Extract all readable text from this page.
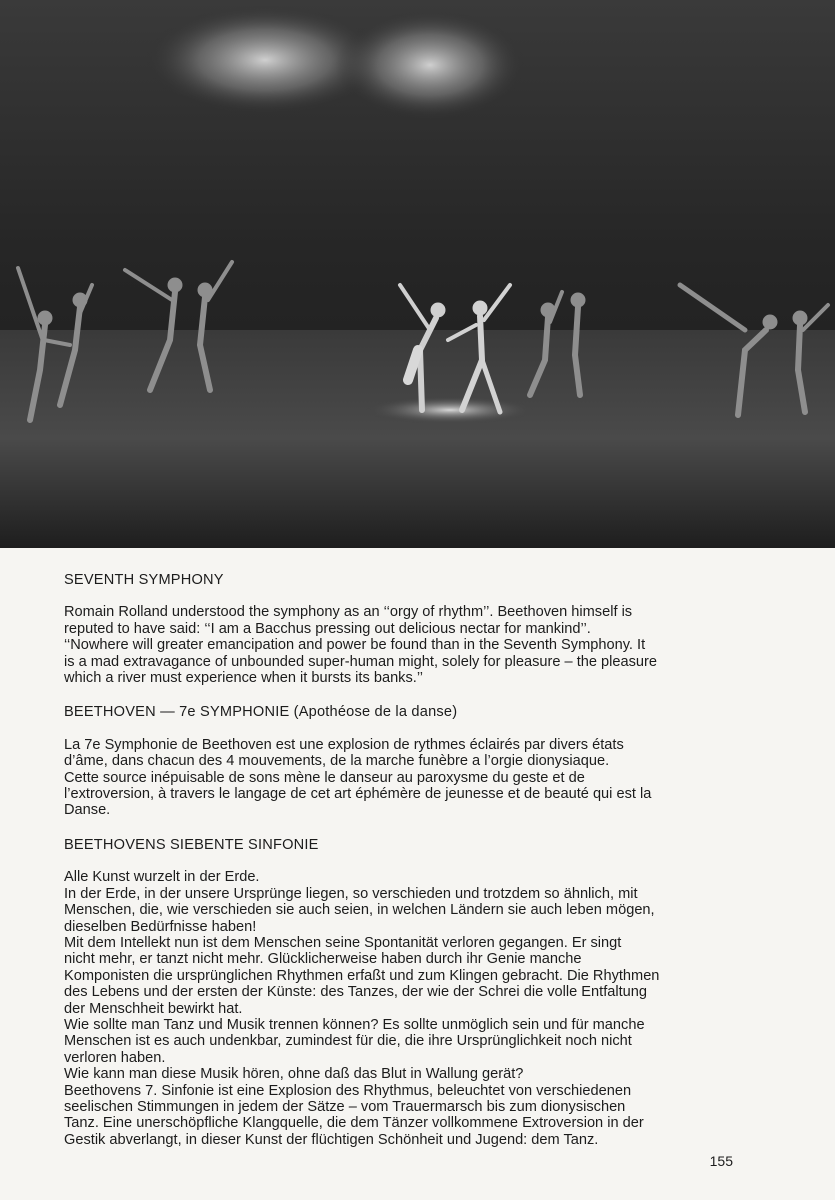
SEVENTH SYMPHONY

Romain Rolland understood the symphony as an ‘‘orgy of rhythm’’. Beethoven himself is
reputed to have said: ‘‘I am a Bacchus pressing out delicious nectar for mankind’’.
‘‘Nowhere will greater emancipation and power be found than in the Seventh Symphony. It
is a mad extravagance of unbounded super-human might, solely for pleasure – the pleasure
which a river must experience when it bursts its banks.’’

BEETHOVEN — 7e SYMPHONIE (Apothéose de la danse)

La 7e Symphonie de Beethoven est une explosion de rythmes éclairés par divers états
d’âme, dans chacun des 4 mouvements, de la marche funèbre a l’orgie dionysiaque.
Cette source inépuisable de sons mène le danseur au paroxysme du geste et de
l’extroversion, à travers le langage de cet art éphémère de jeunesse et de beauté qui est la
Danse.

BEETHOVENS SIEBENTE SINFONIE

Alle Kunst wurzelt in der Erde.
In der Erde, in der unsere Ursprünge liegen, so verschieden und trotzdem so ähnlich, mit
Menschen, die, wie verschieden sie auch seien, in welchen Ländern sie auch leben mögen,
dieselben Bedürfnisse haben!
Mit dem Intellekt nun ist dem Menschen seine Spontanität verloren gegangen. Er singt
nicht mehr, er tanzt nicht mehr. Glücklicherweise haben durch ihr Genie manche
Komponisten die ursprünglichen Rhythmen erfaßt und zum Klingen gebracht. Die Rhythmen
des Lebens und der ersten der Künste: des Tanzes, der wie der Schrei die volle Entfaltung
der Menschheit bewirkt hat.
Wie sollte man Tanz und Musik trennen können? Es sollte unmöglich sein und für manche
Menschen ist es auch undenkbar, zumindest für die, die ihre Ursprünglichkeit noch nicht
verloren haben.
Wie kann man diese Musik hören, ohne daß das Blut in Wallung gerät?
Beethovens 7. Sinfonie ist eine Explosion des Rhythmus, beleuchtet von verschiedenen
seelischen Stimmungen in jedem der Sätze – vom Trauermarsch bis zum dionysischen
Tanz. Eine unerschöpfliche Klangquelle, die dem Tänzer vollkommene Extroversion in der
Gestik abverlangt, in dieser Kunst der flüchtigen Schönheit und Jugend: dem Tanz.

155
